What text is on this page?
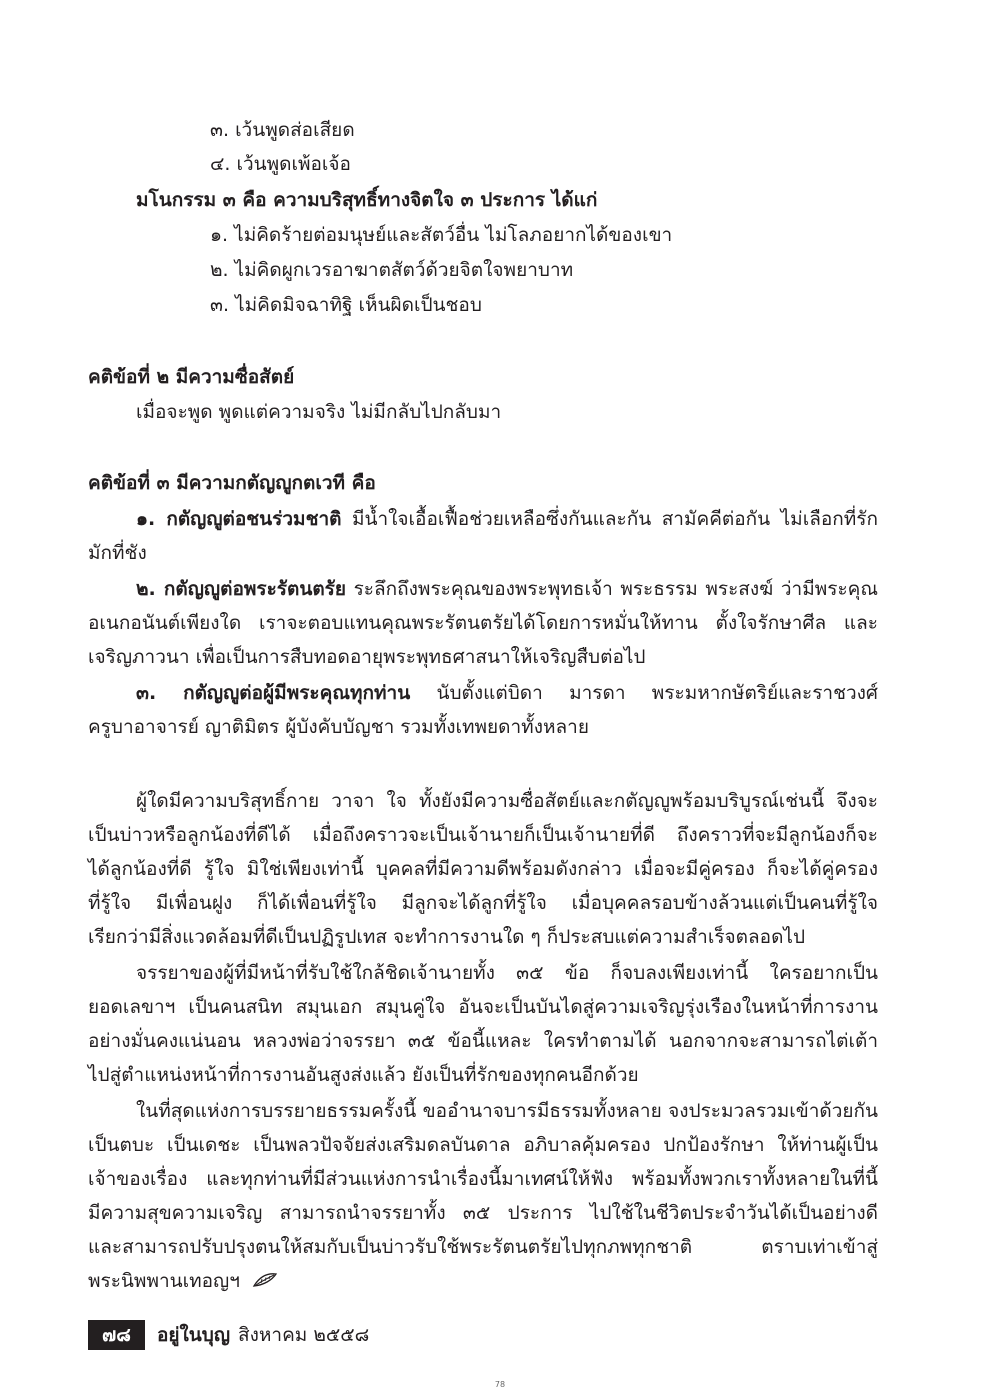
๓. เว้นพูดส่อเสียด
๔. เว้นพูดเพ้อเจ้อ
มโนกรรม ๓ คือ ความบริสุทธิ์ทางจิตใจ ๓ ประการ ได้แก่
๑. ไม่คิดร้ายต่อมนุษย์และสัตว์อื่น ไม่โลภอยากได้ของเขา
๒. ไม่คิดผูกเวรอาฆาตสัตว์ด้วยจิตใจพยาบาท
๓. ไม่คิดมิจฉาทิฐิ เห็นผิดเป็นชอบ
คติข้อที่ ๒ มีความซื่อสัตย์
เมื่อจะพูด พูดแต่ความจริง ไม่มีกลับไปกลับมา
คติข้อที่ ๓ มีความกตัญญูกตเวที คือ
๑. กตัญญูต่อชนร่วมชาติ มีน้ำใจเอื้อเฟื้อช่วยเหลือซึ่งกันและกัน สามัคคีต่อกัน ไม่เลือกที่รัก
มักที่ชัง
๒. กตัญญูต่อพระรัตนตรัย ระลึกถึงพระคุณของพระพุทธเจ้า พระธรรม พระสงฆ์ ว่ามีพระคุณ
อเนกอนันต์เพียงใด เราจะตอบแทนคุณพระรัตนตรัยได้โดยการหมั่นให้ทาน ตั้งใจรักษาศีล และ
เจริญภาวนา เพื่อเป็นการสืบทอดอายุพระพุทธศาสนาให้เจริญสืบต่อไป
๓. กตัญญูต่อผู้มีพระคุณทุกท่าน นับตั้งแต่บิดา มารดา พระมหากษัตริย์และราชวงศ์
ครูบาอาจารย์ ญาติมิตร ผู้บังคับบัญชา รวมทั้งเทพยดาทั้งหลาย
ผู้ใดมีความบริสุทธิ์กาย วาจา ใจ ทั้งยังมีความซื่อสัตย์และกตัญญูพร้อมบริบูรณ์เช่นนี้ จึงจะ
เป็นบ่าวหรือลูกน้องที่ดีได้ เมื่อถึงคราวจะเป็นเจ้านายก็เป็นเจ้านายที่ดี ถึงคราวที่จะมีลูกน้องก็จะ
ได้ลูกน้องที่ดี รู้ใจ มิใช่เพียงเท่านี้ บุคคลที่มีความดีพร้อมดังกล่าว เมื่อจะมีคู่ครอง ก็จะได้คู่ครอง
ที่รู้ใจ มีเพื่อนฝูง ก็ได้เพื่อนที่รู้ใจ มีลูกจะได้ลูกที่รู้ใจ เมื่อบุคคลรอบข้างล้วนแต่เป็นคนที่รู้ใจ
เรียกว่ามีสิ่งแวดล้อมที่ดีเป็นปฏิรูปเทส จะทำการงานใด ๆ ก็ประสบแต่ความสำเร็จตลอดไป
จรรยาของผู้ที่มีหน้าที่รับใช้ใกล้ชิดเจ้านายทั้ง ๓๕ ข้อ ก็จบลงเพียงเท่านี้ ใครอยากเป็น
ยอดเลขาฯ เป็นคนสนิท สมุนเอก สมุนคู่ใจ อันจะเป็นบันไดสู่ความเจริญรุ่งเรืองในหน้าที่การงาน
อย่างมั่นคงแน่นอน หลวงพ่อว่าจรรยา ๓๕ ข้อนี้แหละ ใครทำตามได้ นอกจากจะสามารถไต่เต้า
ไปสู่ตำแหน่งหน้าที่การงานอันสูงส่งแล้ว ยังเป็นที่รักของทุกคนอีกด้วย
ในที่สุดแห่งการบรรยายธรรมครั้งนี้ ขออำนาจบารมีธรรมทั้งหลาย จงประมวลรวมเข้าด้วยกัน
เป็นตบะ เป็นเดชะ เป็นพลวปัจจัยส่งเสริมดลบันดาล อภิบาลคุ้มครอง ปกป้องรักษา ให้ท่านผู้เป็น
เจ้าของเรื่อง และทุกท่านที่มีส่วนแห่งการนำเรื่องนี้มาเทศน์ให้ฟัง พร้อมทั้งพวกเราทั้งหลายในที่นี้
มีความสุขความเจริญ สามารถนำจรรยาทั้ง ๓๕ ประการ ไปใช้ในชีวิตประจำวันได้เป็นอย่างดี
และสามารถปรับปรุงตนให้สมกับเป็นบ่าวรับใช้พระรัตนตรัยไปทุกภพทุกชาติ ตราบเท่าเข้าสู่
พระนิพพานเทอญฯ
๗๘	อยู่ในบุญ สิงหาคม ๒๕๕๘
78
